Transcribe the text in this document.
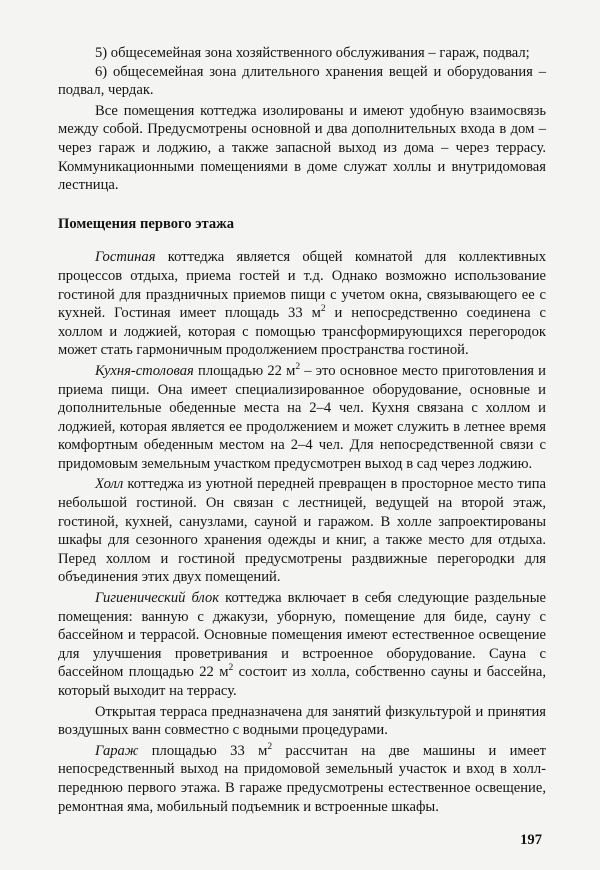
5) общесемейная зона хозяйственного обслуживания – гараж, подвал;

6) общесемейная зона длительного хранения вещей и оборудования – подвал, чердак.

Все помещения коттеджа изолированы и имеют удобную взаимосвязь между собой. Предусмотрены основной и два дополнительных входа в дом – через гараж и лоджию, а также запасной выход из дома – через террасу. Коммуникационными помещениями в доме служат холлы и внутридомовая лестница.

Помещения первого этажа

Гостиная коттеджа является общей комнатой для коллективных процессов отдыха, приема гостей и т.д. Однако возможно использование гостиной для праздничных приемов пищи с учетом окна, связывающего ее с кухней. Гостиная имеет площадь 33 $м^2$ и непосредственно соединена с холлом и лоджией, которая с помощью трансформирующихся перегородок может стать гармоничным продолжением пространства гостиной.

Кухня-столовая площадью 22 $м^2$ – это основное место приготовления и приема пищи. Она имеет специализированное оборудование, основные и дополнительные обеденные места на 2–4 чел. Кухня связана с холлом и лоджией, которая является ее продолжением и может служить в летнее время комфортным обеденным местом на 2–4 чел. Для непосредственной связи с придомовым земельным участком предусмотрен выход в сад через лоджию.

Холл коттеджа из уютной передней превращен в просторное место типа небольшой гостиной. Он связан с лестницей, ведущей на второй этаж, гостиной, кухней, санузлами, сауной и гаражом. В холле запроектированы шкафы для сезонного хранения одежды и книг, а также место для отдыха. Перед холлом и гостиной предусмотрены раздвижные перегородки для объединения этих двух помещений.

Гигиенический блок коттеджа включает в себя следующие раздельные помещения: ванную с джакузи, уборную, помещение для биде, сауну с бассейном и террасой. Основные помещения имеют естественное освещение для улучшения проветривания и встроенное оборудование. Сауна с бассейном площадью 22 $м^2$ состоит из холла, собственно сауны и бассейна, который выходит на террасу.

Открытая терраса предназначена для занятий физкультурой и принятия воздушных ванн совместно с водными процедурами.

Гараж площадью 33 $м^2$ рассчитан на две машины и имеет непосредственный выход на придомовой земельный участок и вход в холл-переднюю первого этажа. В гараже предусмотрены естественное освещение, ремонтная яма, мобильный подъемник и встроенные шкафы.

197
